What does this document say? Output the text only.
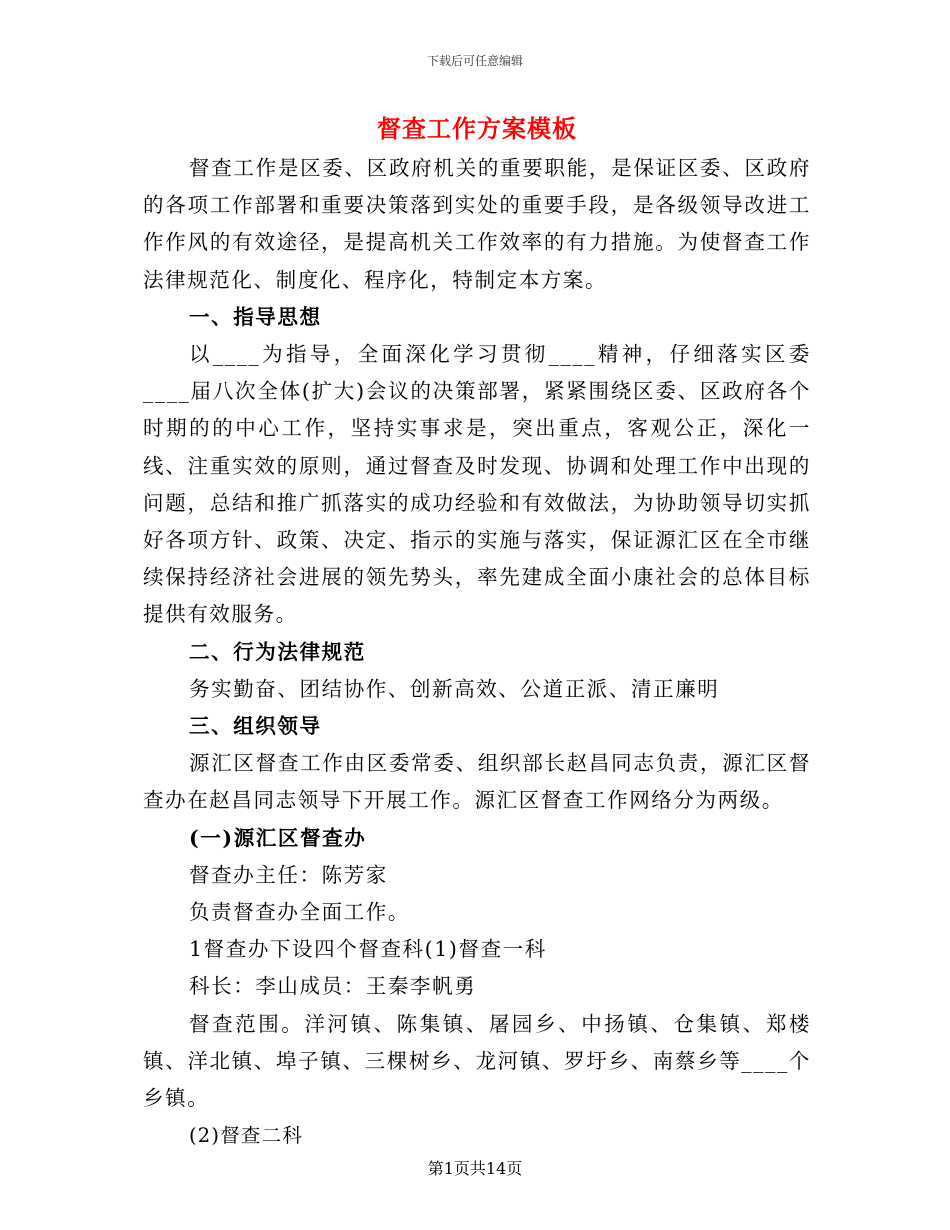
下载后可任意编辑
督查工作方案模板

督查工作是区委、区政府机关的重要职能，是保证区委、区政府的各项工作部署和重要决策落到实处的重要手段，是各级领导改进工作作风的有效途径，是提高机关工作效率的有力措施。为使督查工作法律规范化、制度化、程序化，特制定本方案。

一、指导思想

以____为指导，全面深化学习贯彻____精神，仔细落实区委____届八次全体(扩大)会议的决策部署，紧紧围绕区委、区政府各个时期的的中心工作，坚持实事求是，突出重点，客观公正，深化一线、注重实效的原则，通过督查及时发现、协调和处理工作中出现的问题，总结和推广抓落实的成功经验和有效做法，为协助领导切实抓好各项方针、政策、决定、指示的实施与落实，保证源汇区在全市继续保持经济社会进展的领先势头，率先建成全面小康社会的总体目标提供有效服务。

二、行为法律规范

务实勤奋、团结协作、创新高效、公道正派、清正廉明

三、组织领导

源汇区督查工作由区委常委、组织部长赵昌同志负责，源汇区督查办在赵昌同志领导下开展工作。源汇区督查工作网络分为两级。

(一)源汇区督查办

督查办主任：陈芳家

负责督查办全面工作。

1督查办下设四个督查科(1)督查一科

科长：李山成员：王秦李帆勇

督查范围。洋河镇、陈集镇、屠园乡、中扬镇、仓集镇、郑楼镇、洋北镇、埠子镇、三棵树乡、龙河镇、罗圩乡、南蔡乡等____个乡镇。

(2)督查二科

第1页共14页
